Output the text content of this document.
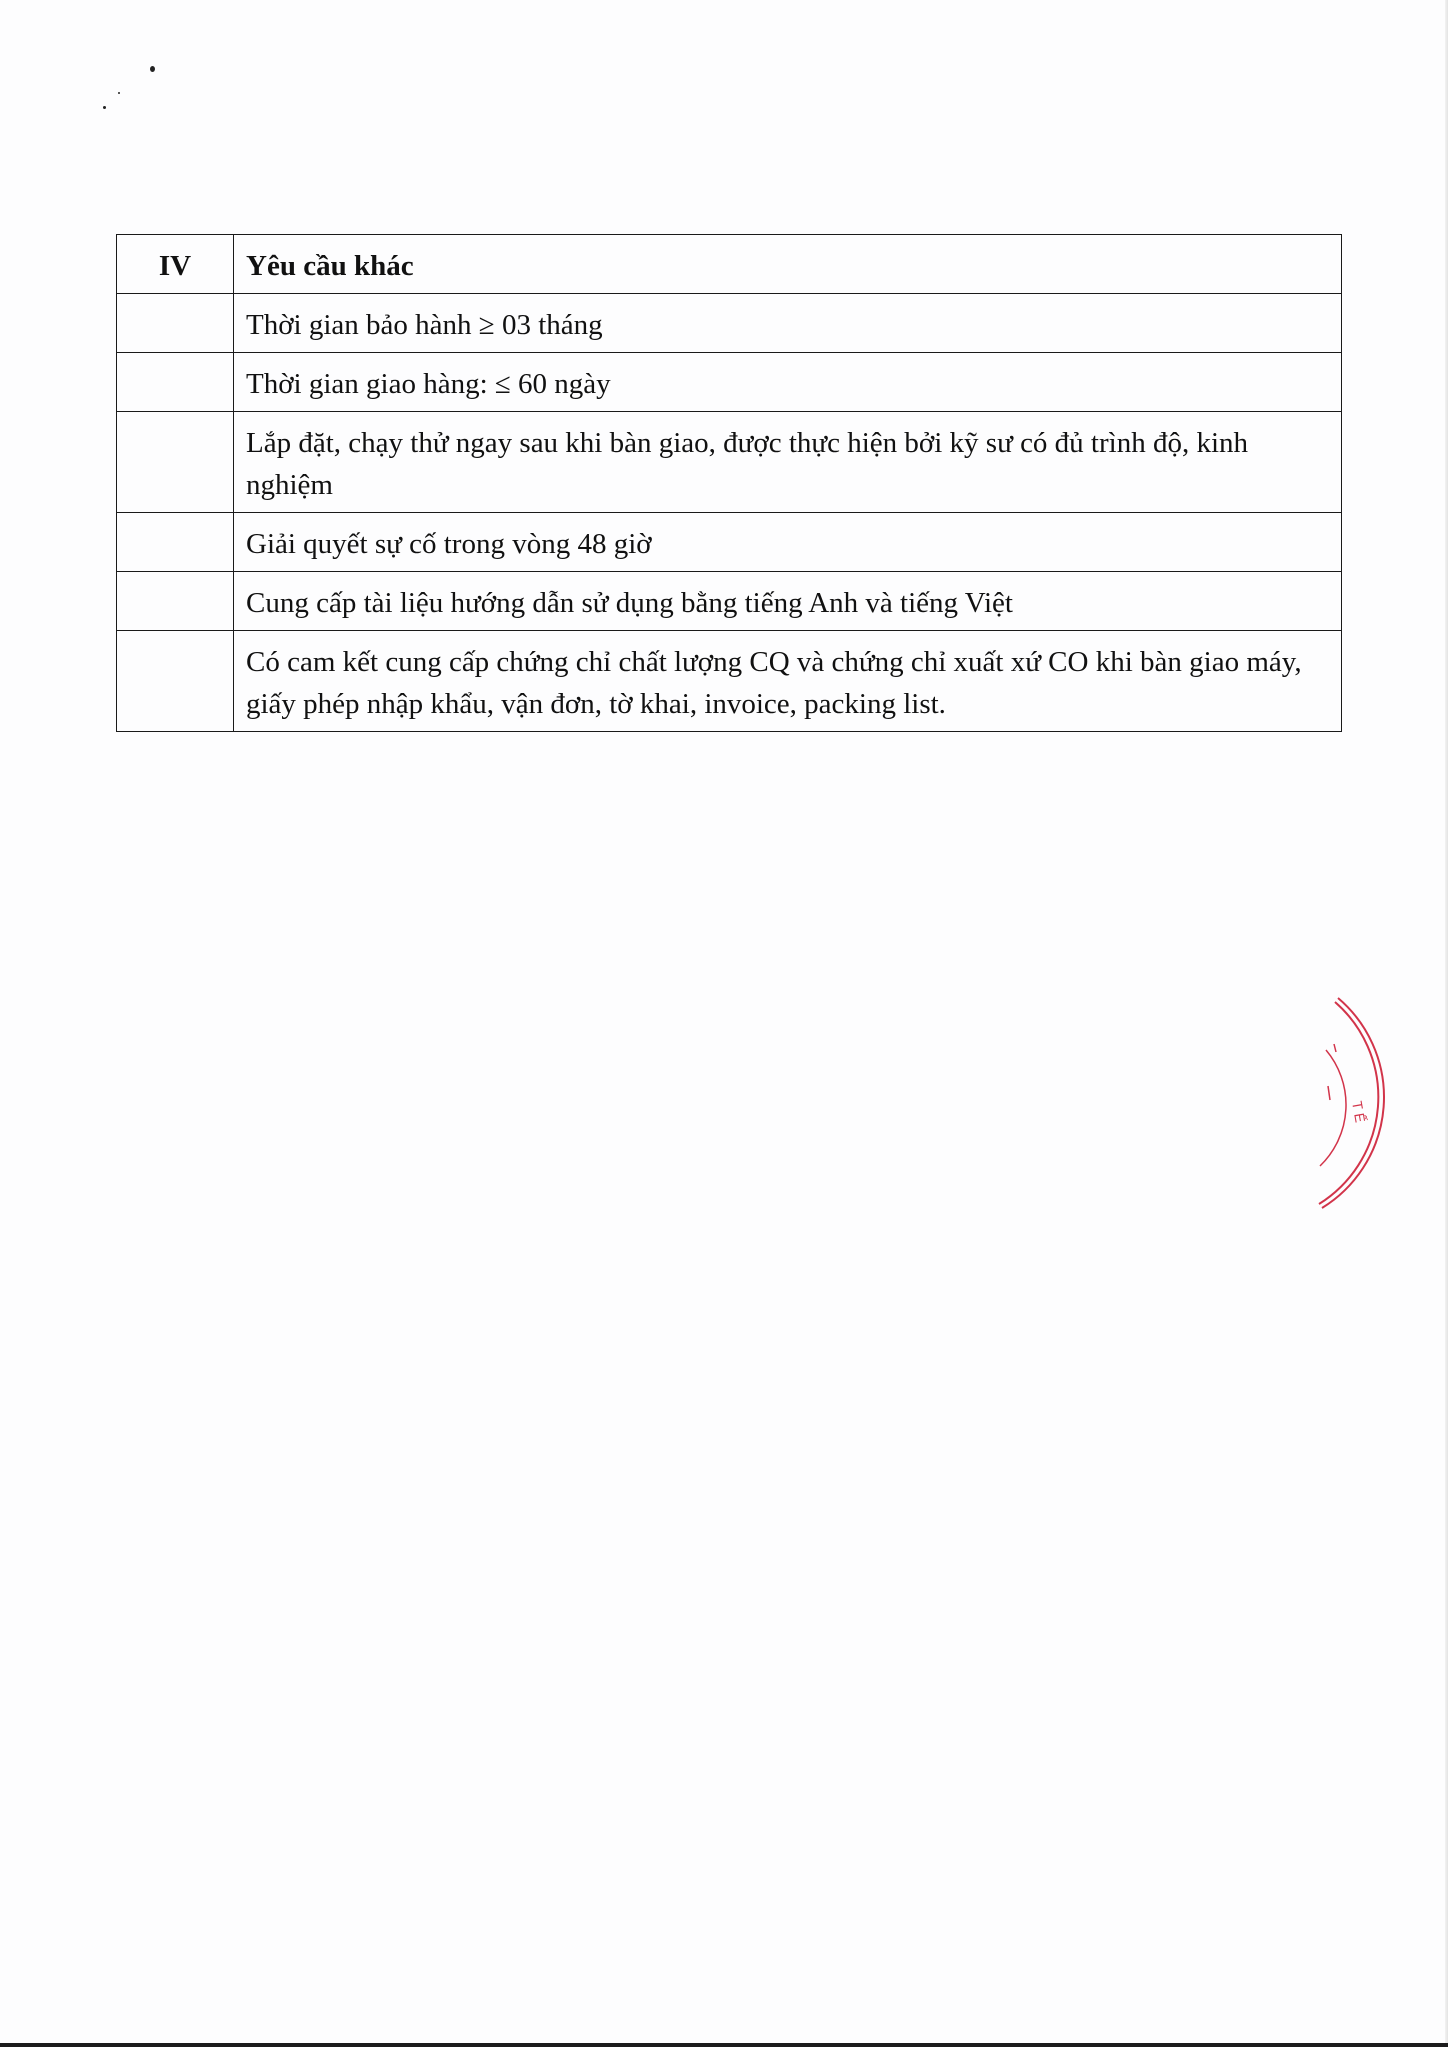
IV	Yêu cầu khác
	Thời gian bảo hành ≥ 03 tháng
	Thời gian giao hàng: ≤ 60 ngày
	Lắp đặt, chạy thử ngay sau khi bàn giao, được thực hiện bởi kỹ sư có đủ trình độ, kinh nghiệm
	Giải quyết sự cố trong vòng 48 giờ
	Cung cấp tài liệu hướng dẫn sử dụng bằng tiếng Anh và tiếng Việt
	Có cam kết cung cấp chứng chỉ chất lượng CQ và chứng chỉ xuất xứ CO khi bàn giao máy, giấy phép nhập khẩu, vận đơn, tờ khai, invoice, packing list.
T Ế
